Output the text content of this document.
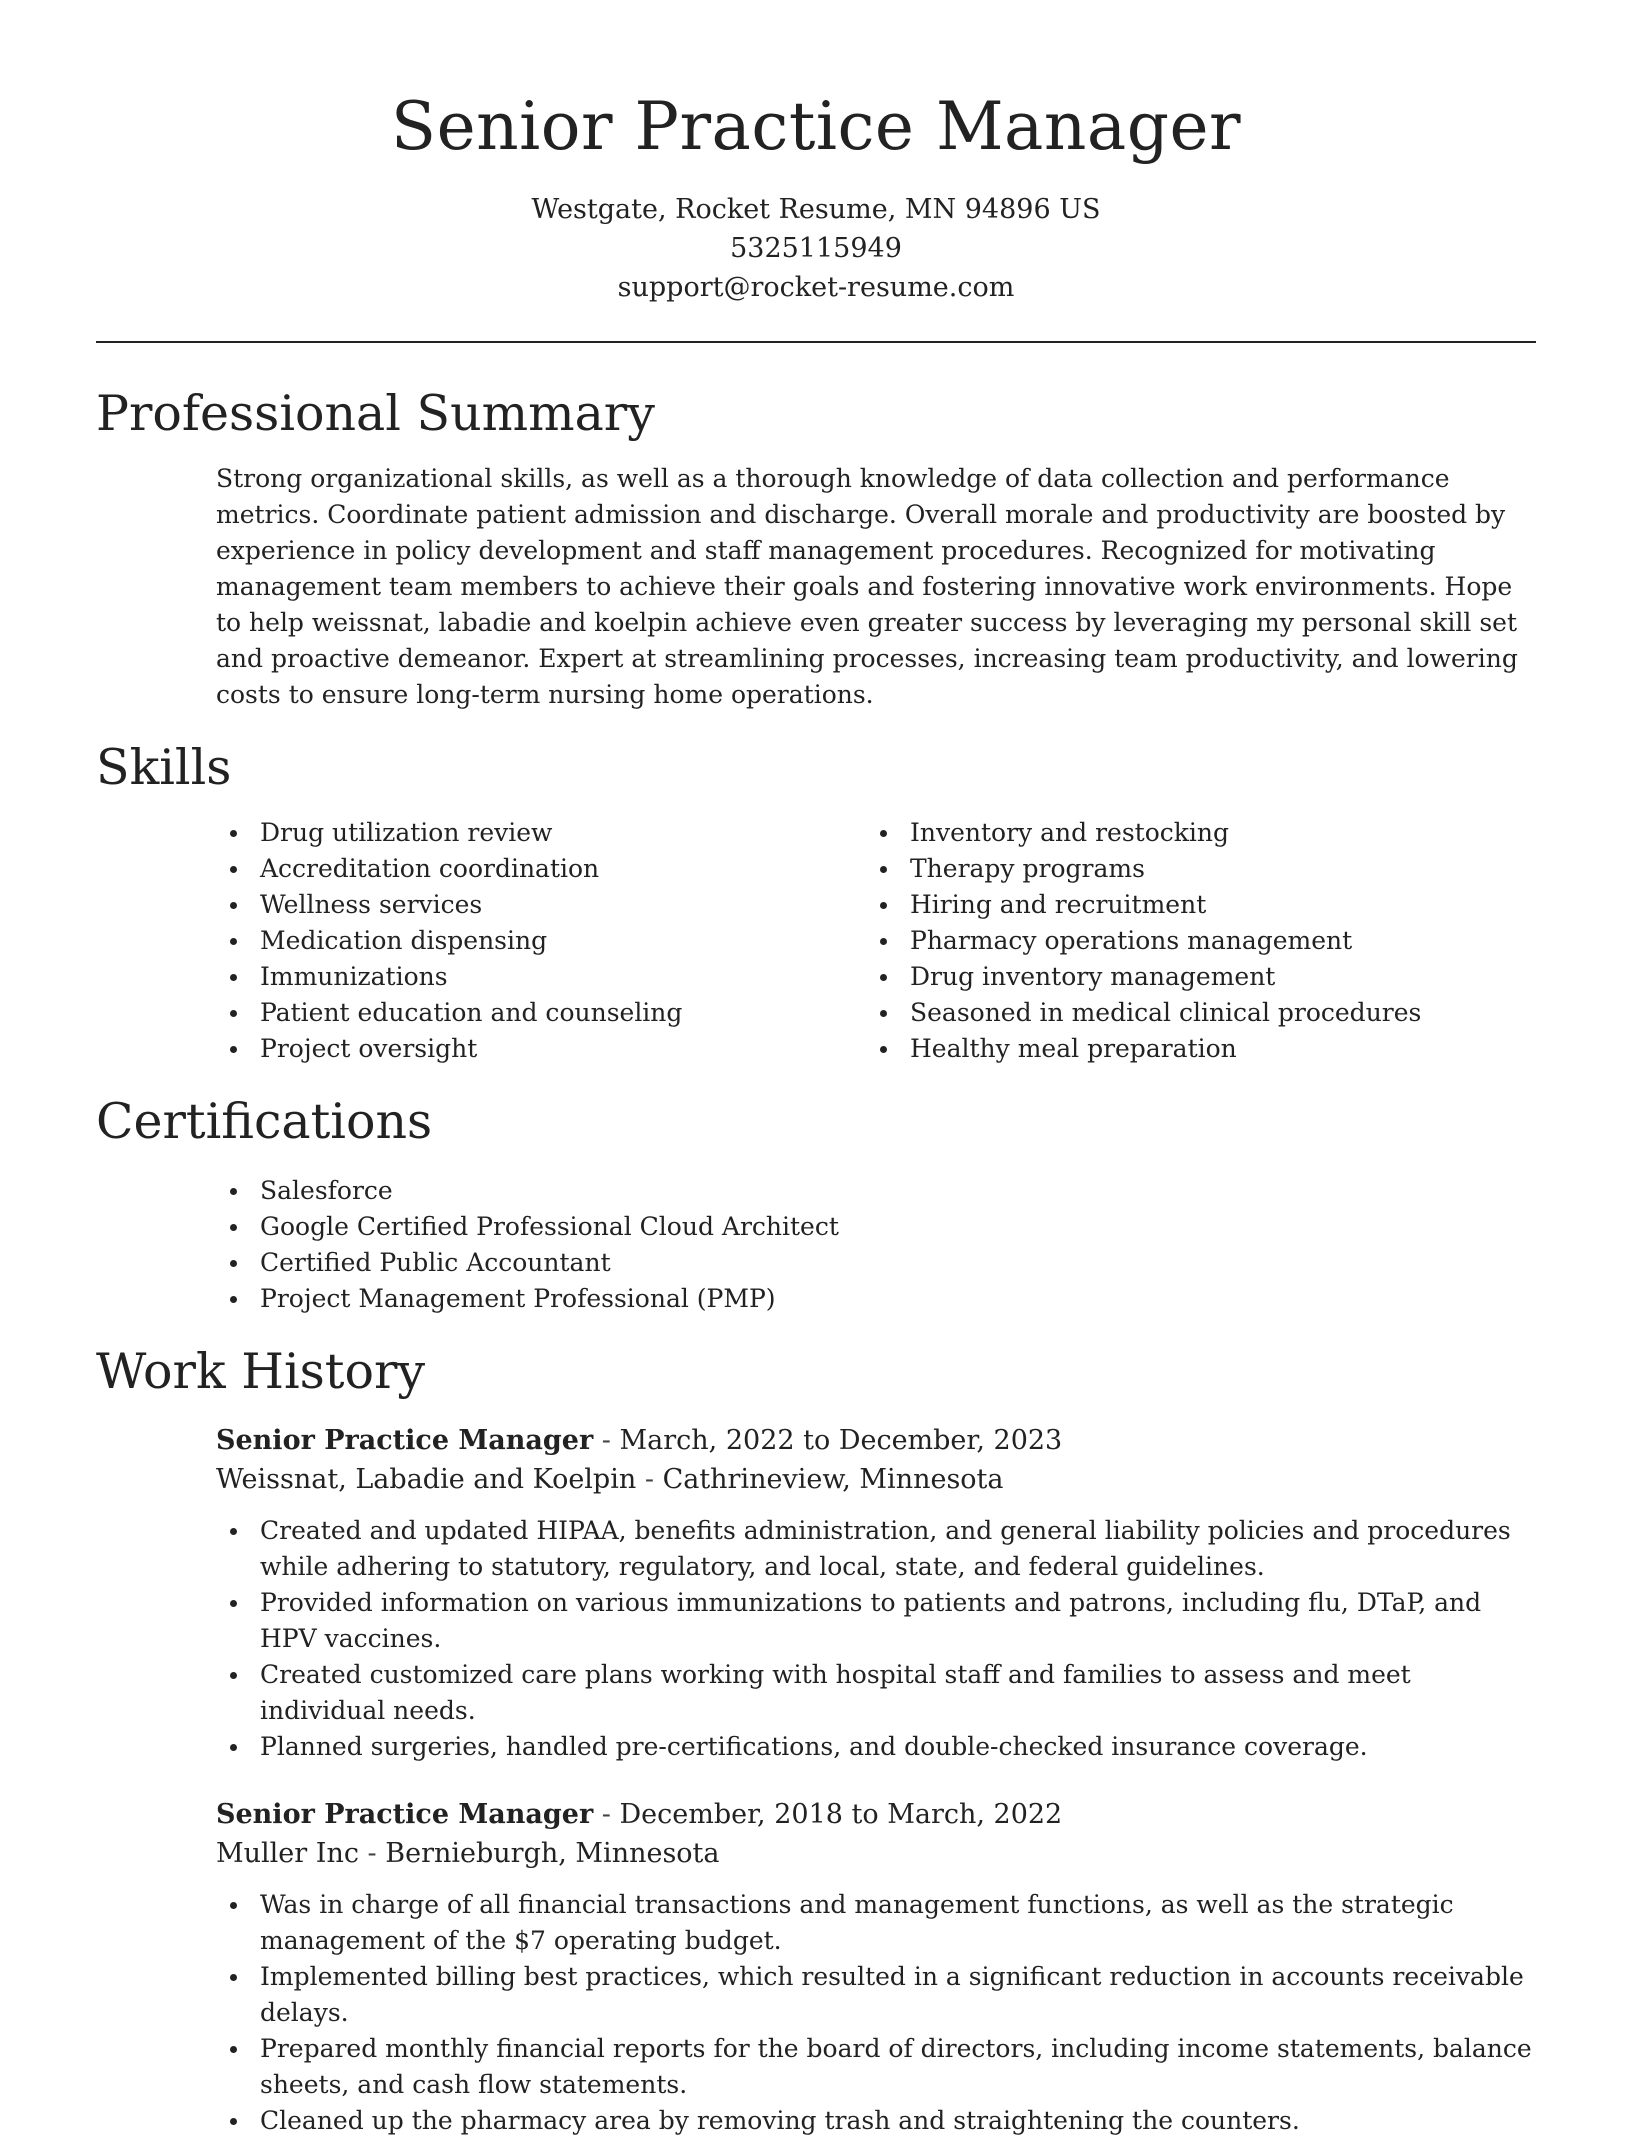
Senior Practice Manager
Westgate, Rocket Resume, MN 94896 US
5325115949
support@rocket-resume.com
Professional Summary

Strong organizational skills, as well as a thorough knowledge of data collection and performance metrics. Coordinate patient admission and discharge. Overall morale and productivity are boosted by experience in policy development and staff management procedures. Recognized for motivating management team members to achieve their goals and fostering innovative work environments. Hope to help weissnat, labadie and koelpin achieve even greater success by leveraging my personal skill set and proactive demeanor. Expert at streamlining processes, increasing team productivity, and lowering costs to ensure long-term nursing home operations.

Skills
Drug utilization review
Accreditation coordination
Wellness services
Medication dispensing
Immunizations
Patient education and counseling
Project oversight
Inventory and restocking
Therapy programs
Hiring and recruitment
Pharmacy operations management
Drug inventory management
Seasoned in medical clinical procedures
Healthy meal preparation
Certifications
Salesforce
Google Certified Professional Cloud Architect
Certified Public Accountant
Project Management Professional (PMP)
Work History
Senior Practice Manager - March, 2022 to December, 2023
Weissnat, Labadie and Koelpin - Cathrineview, Minnesota
Created and updated HIPAA, benefits administration, and general liability policies and procedures while adhering to statutory, regulatory, and local, state, and federal guidelines.
Provided information on various immunizations to patients and patrons, including flu, DTaP, and HPV vaccines.
Created customized care plans working with hospital staff and families to assess and meet individual needs.
Planned surgeries, handled pre-certifications, and double-checked insurance coverage.
Senior Practice Manager - December, 2018 to March, 2022
Muller Inc - Bernieburgh, Minnesota
Was in charge of all financial transactions and management functions, as well as the strategic management of the $7 operating budget.
Implemented billing best practices, which resulted in a significant reduction in accounts receivable delays.
Prepared monthly financial reports for the board of directors, including income statements, balance sheets, and cash flow statements.
Cleaned up the pharmacy area by removing trash and straightening the counters.
